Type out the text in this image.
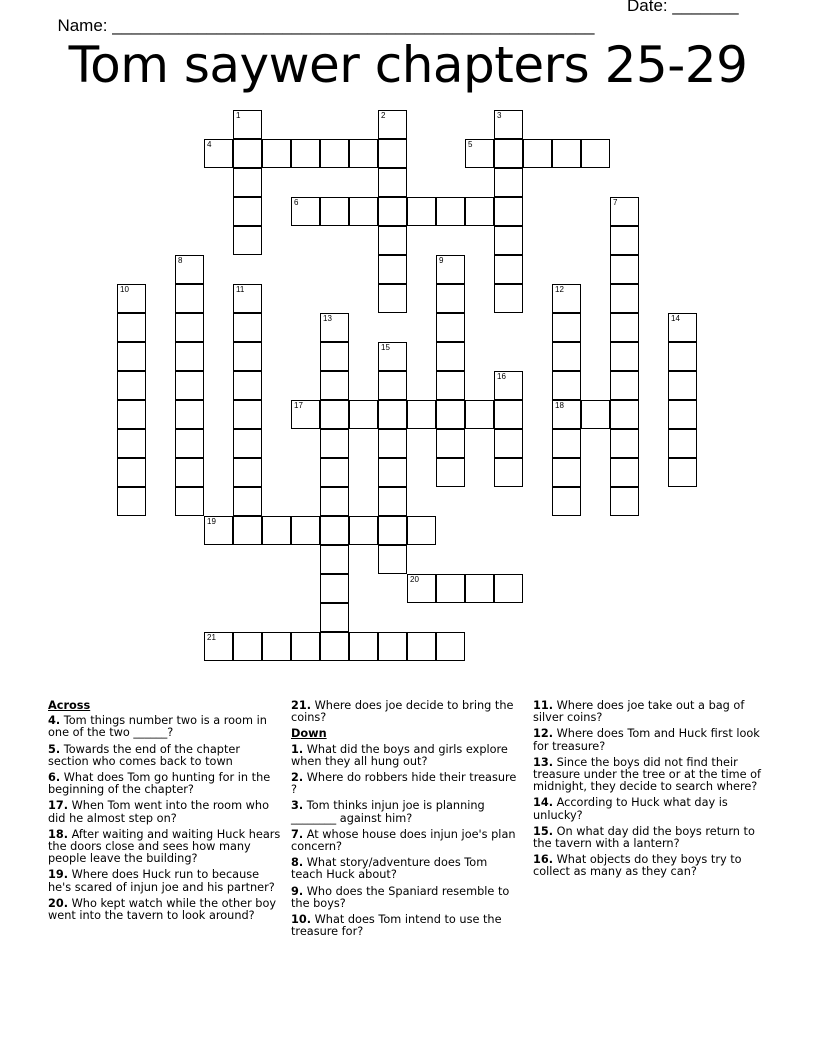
Name: ___________________________________________________

Date: _______

Tom saywer chapters 25-29
4	5
6
17	18
19
20
21
1	2	3
7
8	9
10	11	12
13	14
15
16
Across
4. Tom things number two is a room in one of the two ______?
5. Towards the end of the chapter section who comes back to town
6. What does Tom go hunting for in the beginning of the chapter?
17. When Tom went into the room who did he almost step on?
18. After waiting and waiting Huck hears the doors close and sees how many people leave the building?
19. Where does Huck run to because he's scared of injun joe and his partner?
20. Who kept watch while the other boy went into the tavern to look around?
21. Where does joe decide to bring the coins?
Down
1. What did the boys and girls explore when they all hung out?
2. Where do robbers hide their treasure ?
3. Tom thinks injun joe is planning ________ against him?
7. At whose house does injun joe's plan concern?
8. What story/adventure does Tom teach Huck about?
9. Who does the Spaniard resemble to the boys?
10. What does Tom intend to use the treasure for?
11. Where does joe take out a bag of silver coins?
12. Where does Tom and Huck first look for treasure?
13. Since the boys did not find their treasure under the tree or at the time of midnight, they decide to search where?
14. According to Huck what day is unlucky?
15. On what day did the boys return to the tavern with a lantern?
16. What objects do they boys try to collect as many as they can?
